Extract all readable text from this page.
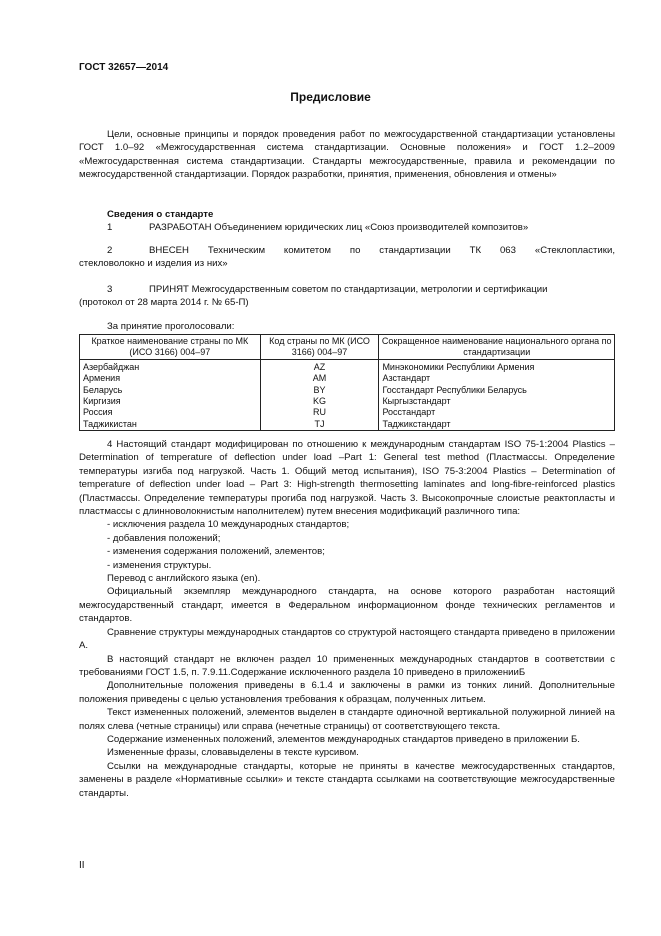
ГОСТ 32657—2014
Предисловие
Цели, основные принципы и порядок проведения работ по межгосударственной стандартизации установлены ГОСТ 1.0–92 «Межгосударственная система стандартизации. Основные положения» и ГОСТ 1.2–2009 «Межгосударственная система стандартизации. Стандарты межгосударственные, правила и рекомендации по межгосударственной стандартизации. Порядок разработки, принятия, применения, обновления и отмены»

Сведения о стандарте

1	РАЗРАБОТАН Объединением юридических лиц «Союз производителей композитов»
2	ВНЕСЕН Техническим комитетом по стандартизации ТК 063 «Стеклопластики,

стекловолокно и изделия из них»

3	ПРИНЯТ Межгосударственным советом по стандартизации, метрологии и сертификации

(протокол от 28 марта 2014 г. № 65-П)

За принятие проголосовали:
Краткое наименование страны по МК (ИСО 3166) 004–97	Код страны по МК (ИСО 3166) 004–97	Сокращенное наименование национального органа по стандартизации
Азербайджан	AZ	Минэкономики Республики Армения
Армения	AM	Азстандарт
Беларусь	BY	Госстандарт Республики Беларусь
Киргизия	KG	Кыргызстандарт
Россия	RU	Росстандарт
Таджикистан	TJ	Таджикстандарт

4 Настоящий стандарт модифицирован по отношению к международным стандартам ISO 75-1:2004 Plastics –Determination of temperature of deflection under load –Part 1: General test method (Пластмассы. Определение температуры изгиба под нагрузкой. Часть 1. Общий метод испытания), ISO 75-3:2004 Plastics – Determination of temperature of deflection under load – Part 3: High-strength thermosetting laminates and long-fibre-reinforced plastics (Пластмассы. Определение температуры прогиба под нагрузкой. Часть 3. Высокопрочные слоистые реактопласты и пластмассы с длинноволокнистым наполнителем) путем внесения модификаций различного типа:

- исключения раздела 10 международных стандартов;

- добавления положений;

- изменения содержания положений, элементов;

- изменения структуры.

Перевод с английского языка (en).

Официальный экземпляр международного стандарта, на основе которого разработан настоящий межгосударственный стандарт, имеется в Федеральном информационном фонде технических регламентов и стандартов.

Сравнение структуры международных стандартов со структурой настоящего стандарта приведено в приложении А.

В настоящий стандарт не включен раздел 10 примененных международных стандартов в соответствии с требованиями ГОСТ 1.5, п. 7.9.11.Содержание исключенного раздела 10 приведено в приложенииБ

Дополнительные положения приведены в 6.1.4 и заключены в рамки из тонких линий. Дополнительные положения приведены с целью установления требования к образцам, полученных литьем.

Текст измененных положений, элементов выделен в стандарте одиночной вертикальной полужирной линией на полях слева (четные страницы) или справа (нечетные страницы) от соответствующего текста.

Содержание измененных положений, элементов международных стандартов приведено в приложении Б.

Измененные фразы, словавыделены в тексте курсивом.

Ссылки на международные стандарты, которые не приняты в качестве межгосударственных стандартов, заменены в разделе «Нормативные ссылки» и тексте стандарта ссылками на соответствующие межгосударственные стандарты.

II
